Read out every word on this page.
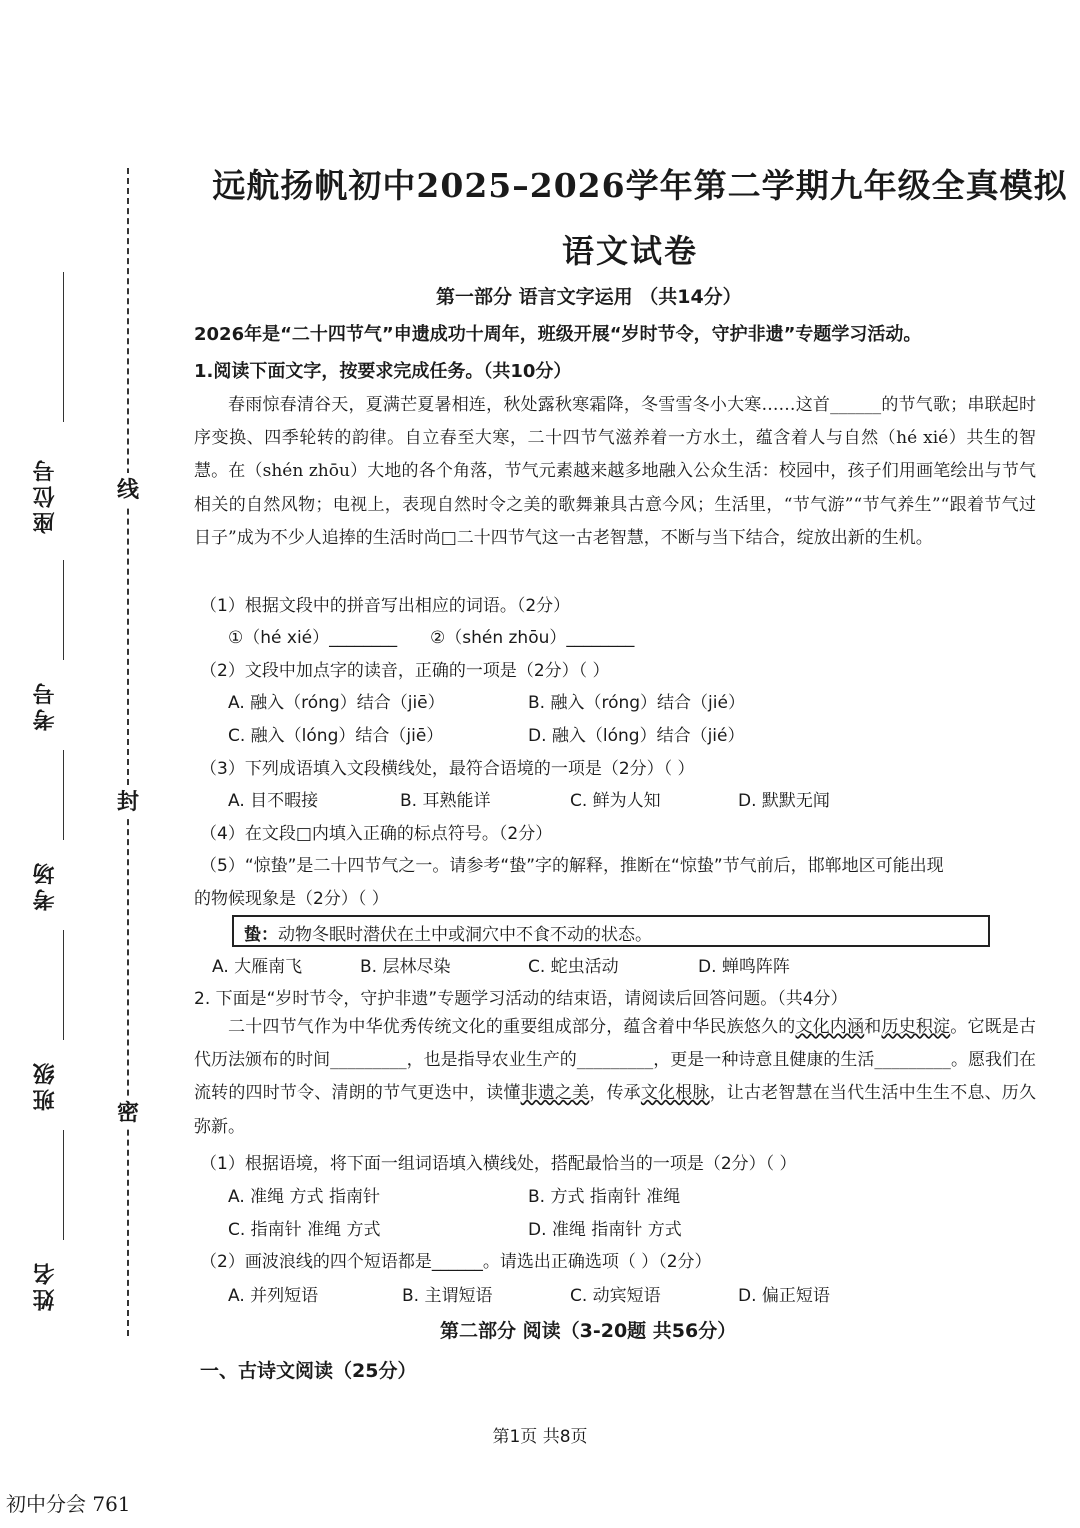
座位号
考号
考场
班级
姓名
线
封
密
远航扬帆初中2025–2026学年第二学期九年级全真模拟
语文试卷
第一部分 语言文字运用 （共14分）
2026年是“二十四节气”申遗成功十周年，班级开展“岁时节令，守护非遗”专题学习活动。
1.阅读下面文字，按要求完成任务。（共10分）
春雨惊春清谷天，夏满芒夏暑相连，秋处露秋寒霜降，冬雪雪冬小大寒……这首______的节气歌；串联起时序变换、四季轮转的韵律。自立春至大寒，二十四节气滋养着一方水土，蕴含着人与自然（hé xié）共生的智慧。在（shén zhōu）大地的各个角落，节气元素越来越多地融入公众生活：校园中，孩子们用画笔绘出与节气相关的自然风物；电视上，表现自然时令之美的歌舞兼具古意今风；生活里，“节气游”“节气养生”“跟着节气过日子”成为不少人追捧的生活时尚□二十四节气这一古老智慧，不断与当下结合，绽放出新的生机。
（1）根据文段中的拼音写出相应的词语。（2分）
①（hé xié）________ ②（shén zhōu）________
（2）文段中加点字的读音，正确的一项是（2分）（ ）
A. 融入（róng）结合（jiē）	B. 融入（róng）结合（jié）
C. 融入（lóng）结合（jiē）	D. 融入（lóng）结合（jié）
（3）下列成语填入文段横线处，最符合语境的一项是（2分）（ ）
A. 目不暇接	B. 耳熟能详	C. 鲜为人知	D. 默默无闻
（4）在文段□内填入正确的标点符号。（2分）
（5）“惊蛰”是二十四节气之一。请参考“蛰”字的解释，推断在“惊蛰”节气前后，邯郸地区可能出现
的物候现象是（2分）（ ）
蛰：动物冬眠时潜伏在土中或洞穴中不食不动的状态。
A. 大雁南飞	B. 层林尽染	C. 蛇虫活动	D. 蝉鸣阵阵
2. 下面是“岁时节令，守护非遗”专题学习活动的结束语，请阅读后回答问题。（共4分）
二十四节气作为中华优秀传统文化的重要组成部分，蕴含着中华民族悠久的文化内涵和历史积淀。它既是古代历法颁布的时间_________，也是指导农业生产的_________，更是一种诗意且健康的生活_________。愿我们在流转的四时节令、清朗的节气更迭中，读懂非遗之美，传承文化根脉，让古老智慧在当代生活中生生不息、历久弥新。
（1）根据语境，将下面一组词语填入横线处，搭配最恰当的一项是（2分）（ ）
A. 准绳 方式 指南针	B. 方式 指南针 准绳
C. 指南针 准绳 方式	D. 准绳 指南针 方式
（2）画波浪线的四个短语都是______。请选出正确选项（ ）（2分）
A. 并列短语	B. 主谓短语	C. 动宾短语	D. 偏正短语
第二部分 阅读（3-20题 共56分）
一、古诗文阅读（25分）
第1页 共8页
初中分会 761
